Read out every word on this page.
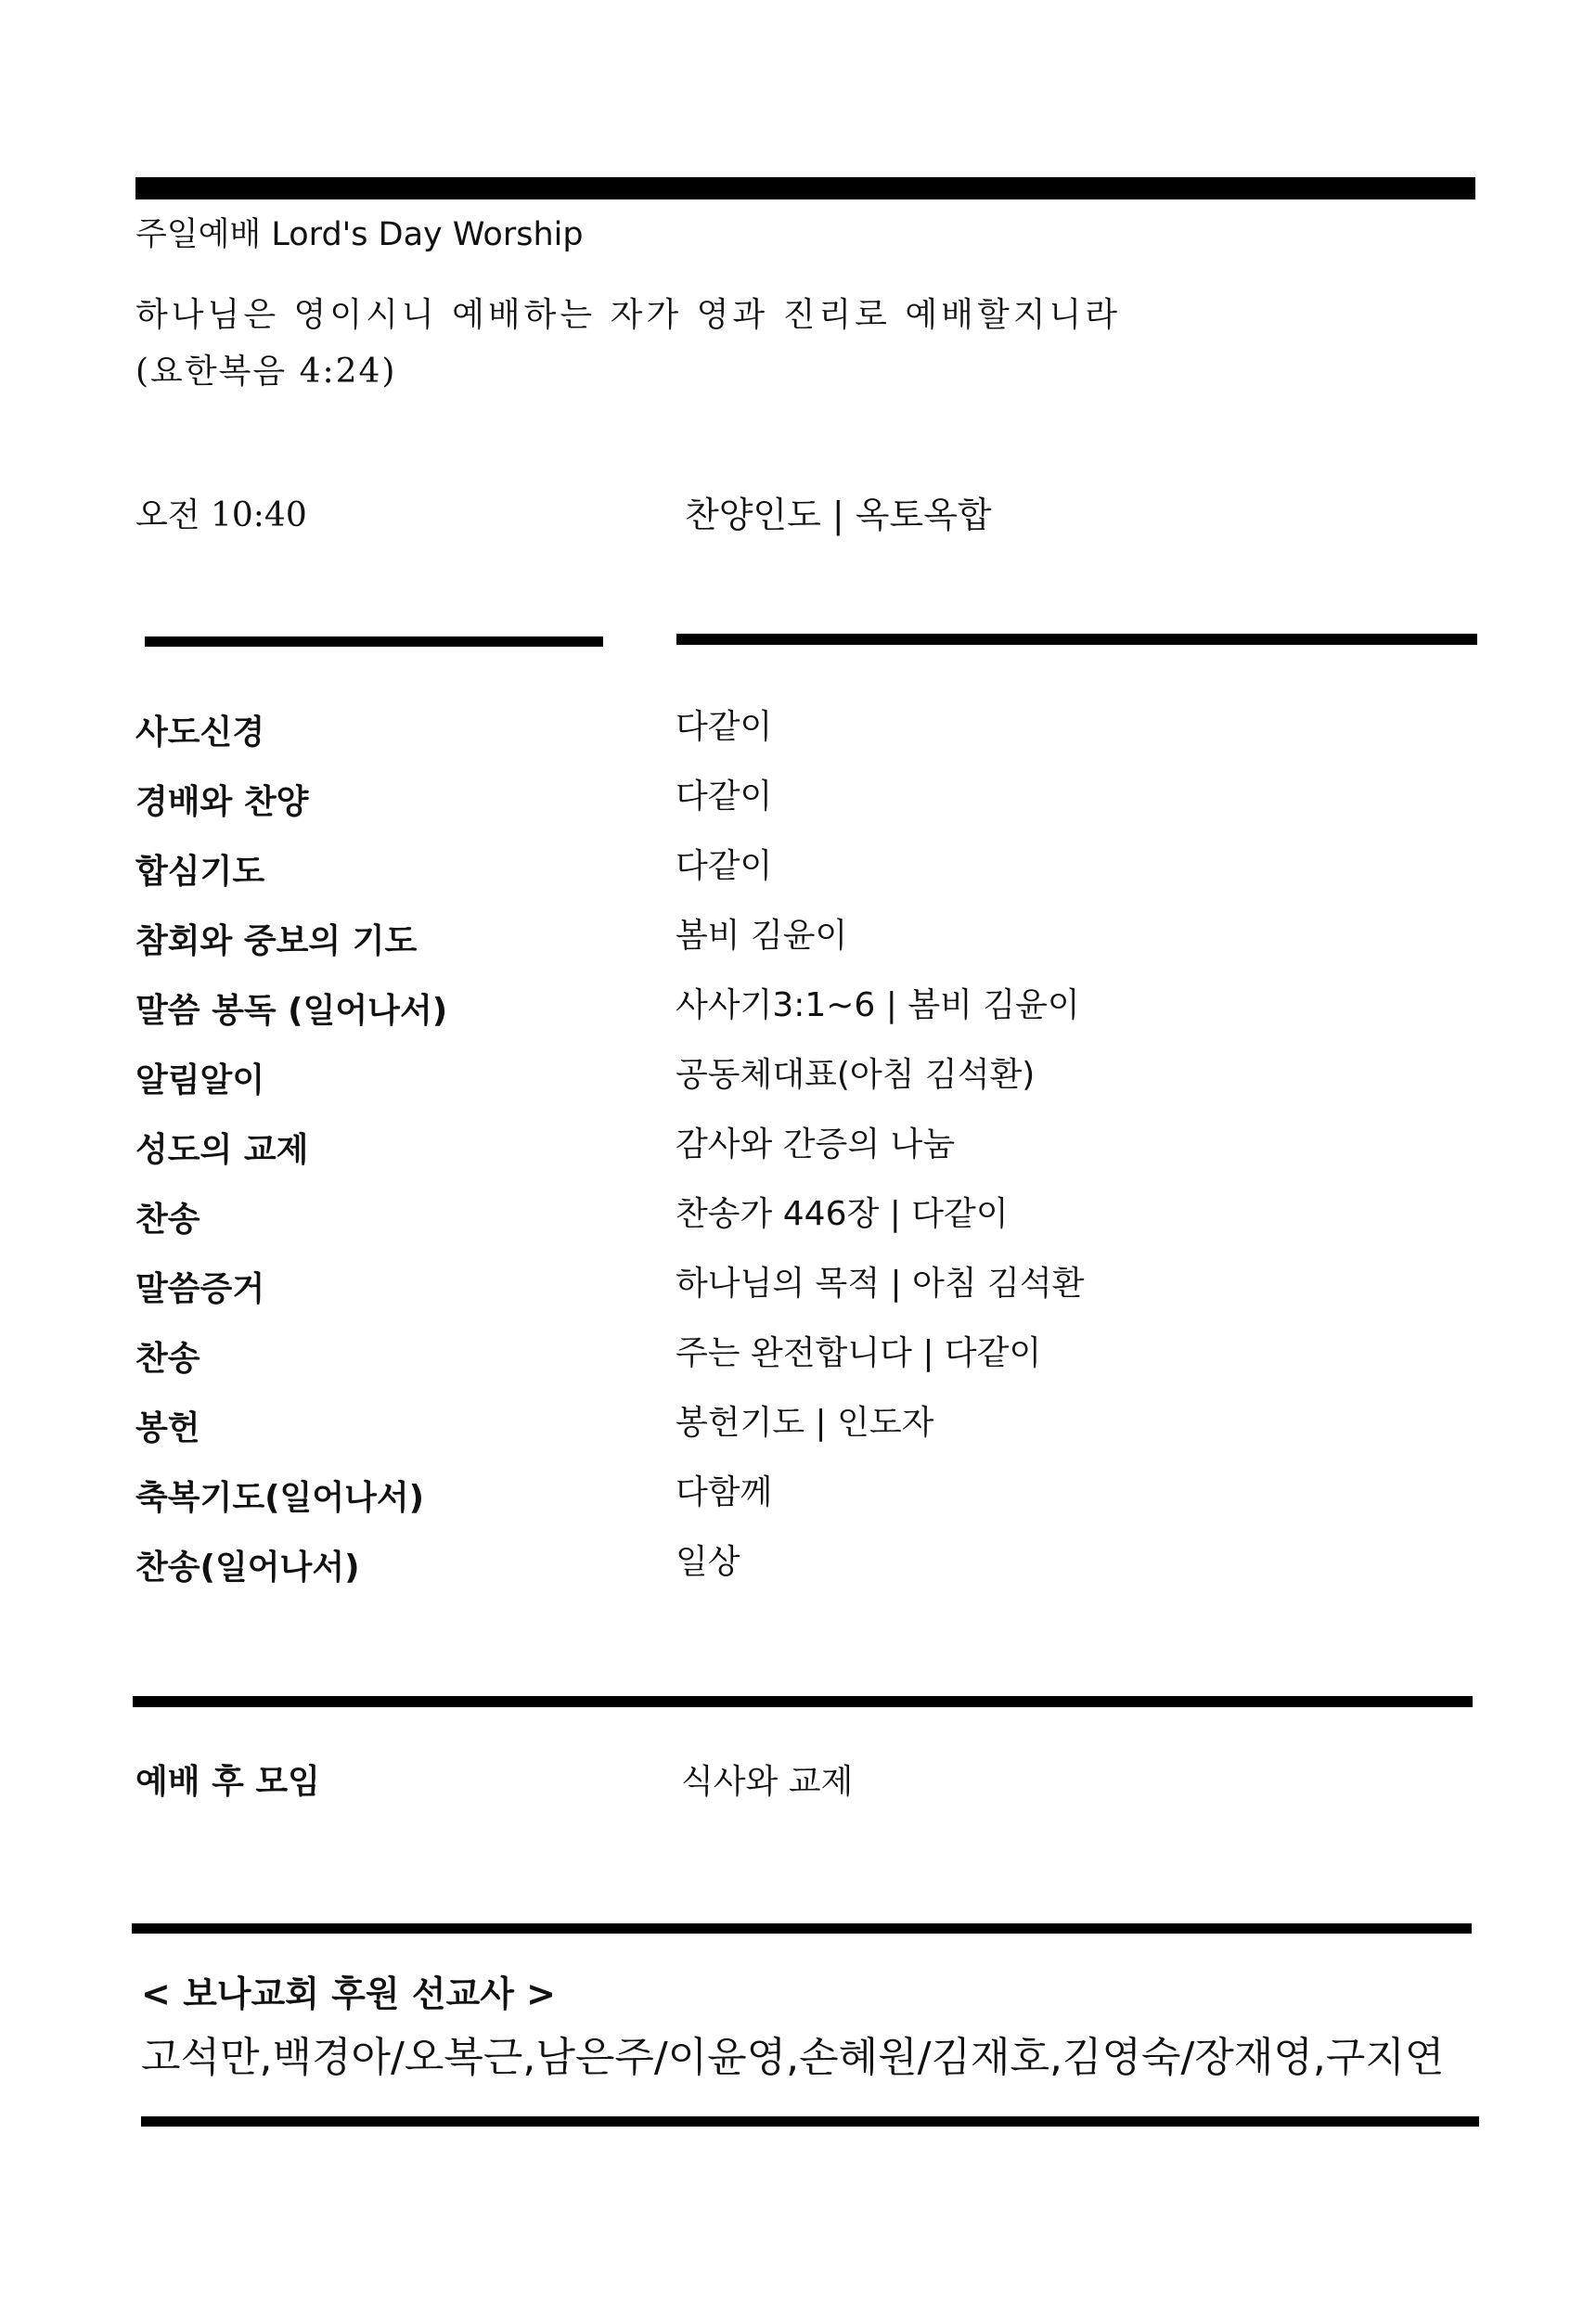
주일예배 Lord's Day Worship
하나님은 영이시니 예배하는 자가 영과 진리로 예배할지니라
(요한복음 4:24)
오전 10:40	찬양인도 | 옥토옥합
사도신경	다같이
경배와 찬양	다같이
합심기도	다같이
참회와 중보의 기도	봄비 김윤이
말씀 봉독 (일어나서)	사사기3:1~6 | 봄비 김윤이
알림알이	공동체대표(아침 김석환)
성도의 교제	감사와 간증의 나눔
찬송	찬송가 446장 | 다같이
말씀증거	하나님의 목적 | 아침 김석환
찬송	주는 완전합니다 | 다같이
봉헌	봉헌기도 | 인도자
축복기도(일어나서)	다함께
찬송(일어나서)	일상
예배 후 모임	식사와 교제
< 보나교회 후원 선교사 >
고석만,백경아/오복근,남은주/이윤영,손혜원/김재호,김영숙/장재영,구지연
